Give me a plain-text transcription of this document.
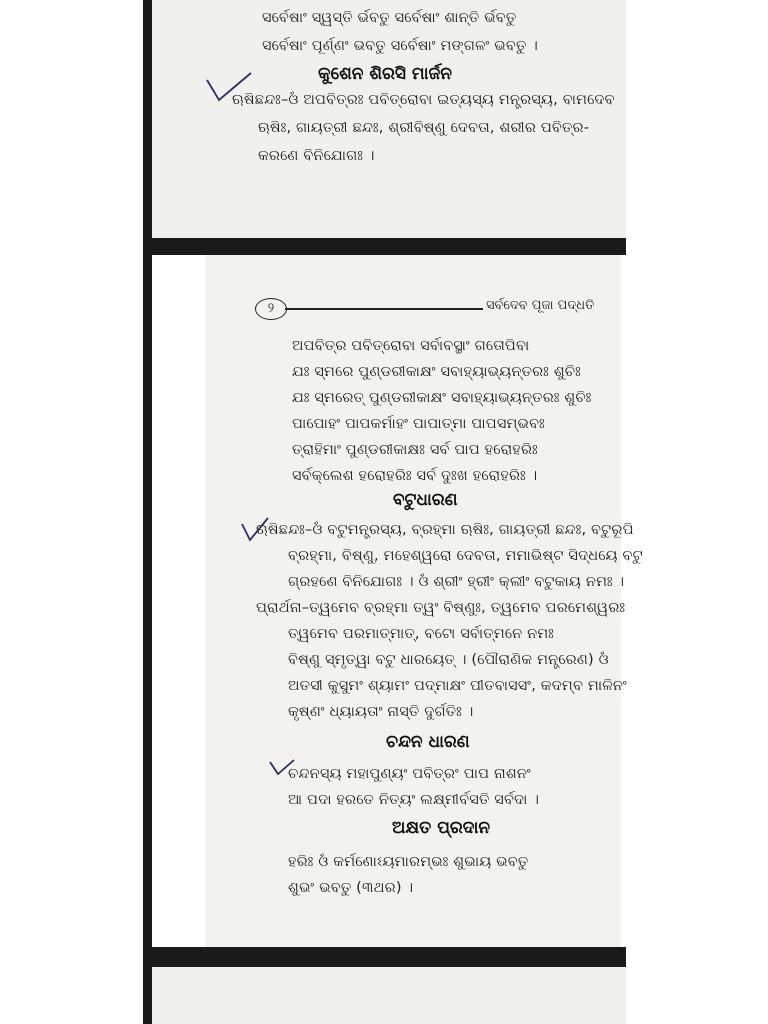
ସର୍ବେଷାଂ ସ୍ୱସ୍ତି ର୍ଭବତୁ ସର୍ବେଷାଂ ଶାନ୍ତି ର୍ଭବତୁ
ସର୍ବେଷାଂ ପୂର୍ଣ୍ଣଂ ଭବତୁ ସର୍ବେଷାଂ ମଙ୍ଗଳଂ ଭବତୁ ।
କୁଶେନ ଶିରସି ମାର୍ଜନ
ଋଷିଛନ୍ଦଃ–ଓଁ ଅପବିତ୍ରଃ ପବିତ୍ରୋବା ଇତ୍ୟସ୍ୟ ମନ୍ତ୍ରସ୍ୟ, ବାମଦେବ
ଋଷିଃ, ଗାୟତ୍ରୀ ଛନ୍ଦଃ, ଶ୍ରୀବିଷ୍ଣୁ ଦେବତା, ଶରୀର ପବିତ୍ର-
କରଣେ ବିନିଯୋଗଃ ।
୨	ସର୍ବଦେବ ପୂଜା ପଦ୍ଧତି
ଅପବିତ୍ର ପବିତ୍ରୋବା ସର୍ବାବସ୍ଥାଂ ଗତୋପିବା
ଯଃ ସ୍ମରେ ପୁଣ୍ଡରୀକାକ୍ଷଂ ସବାହ୍ୟାଭ୍ୟନ୍ତରଃ ଶୁଚିଃ
ଯଃ ସ୍ମରେତ୍ ପୁଣ୍ଡରୀକାକ୍ଷଂ ସବାହ୍ୟାଭ୍ୟନ୍ତରଃ ଶୁଚିଃ
ପାପୋହଂ ପାପକର୍ମାହଂ ପାପାତ୍ମା ପାପସମ୍ଭବଃ
ତ୍ରାହିମାଂ ପୁଣ୍ଡରୀକାକ୍ଷଃ ସର୍ବ ପାପ ହରୋହରିଃ
ସର୍ବକ୍ଲେଶ ହରୋହରିଃ ସର୍ବ ଦୁଃଖ ହରୋହରିଃ ।
ବଟୁଧାରଣ
ଋଷିଛନ୍ଦଃ–ଓଁ ବଟୁମନ୍ତ୍ରସ୍ୟ, ବ୍ରହ୍ମା ଋଷିଃ, ଗାୟତ୍ରୀ ଛନ୍ଦଃ, ବଟୁରୂପି
ବ୍ରହ୍ମା, ବିଷ୍ଣୁ, ମହେଶ୍ୱରୋ ଦେବତା, ମମାଭିଷ୍ଟ ସିଦ୍ଧୟେ ବଟୁ
ଗ୍ରହଣେ ବିନିଯୋଗଃ । ଓଁ ଶ୍ରୀଂ ହ୍ରୀଂ କ୍ଲୀଂ ବଟୁକାୟ ନମଃ ।
ପ୍ରାର୍ଥନା–ତ୍ୱମେବ ବ୍ରହ୍ମା ତ୍ୱଂ ବିଷ୍ଣୁଃ, ତ୍ୱମେବ ପରମେଶ୍ୱରଃ
ତ୍ୱମେବ ପରମାତ୍ମାତ୍, ବଟୋ ସର୍ବାତ୍ମନେ ନମଃ
ବିଷ୍ଣୁ ସ୍ମୃତ୍ୱା ବଟୁ ଧାରୟେତ୍ । (ପୌରାଣିକ ମନ୍ତ୍ରେଣ) ଓଁ
ଅତସୀ କୁସୁମଂ ଶ୍ୟାମଂ ପଦ୍ମାକ୍ଷଂ ପୀତବାସସଂ, କଦମ୍ବ ମାଳିନଂ
କୃଷ୍ଣଂ ଧ୍ୟାୟତାଂ ନାସ୍ତି ଦୁର୍ଗତିଃ ।
ଚନ୍ଦନ ଧାରଣ
ଚନ୍ଦନସ୍ୟ ମହାପୁଣ୍ୟଂ ପବିତ୍ରଂ ପାପ ନାଶନଂ
ଆ ପଦା ହରତେ ନିତ୍ୟଂ ଲକ୍ଷ୍ମୀର୍ବସତି ସର୍ବଦା ।
ଅକ୍ଷତ ପ୍ରଦାନ
ହରିଃ ଓଁ କର୍ମଣୋଽୟମାରମ୍ଭଃ ଶୁଭାୟ ଭବତୁ
ଶୁଭଂ ଭବତୁ (୩ଥର) ।
